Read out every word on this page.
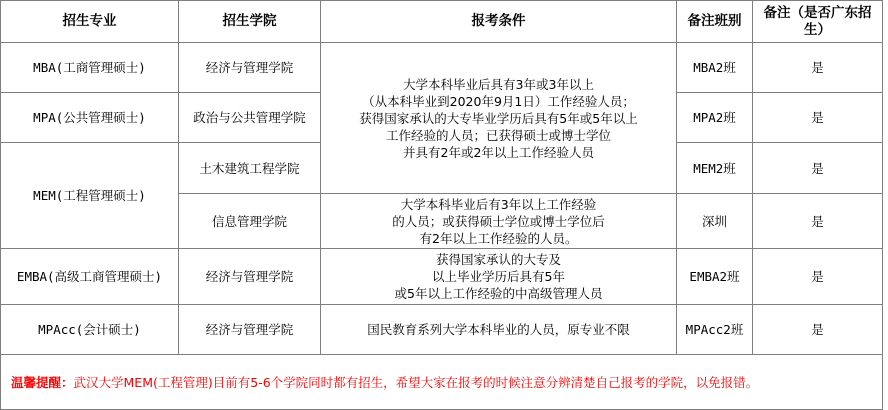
招生专业	招生学院	报考条件	备注班别	备注（是否广东招生）
MBA(工商管理硕士)	经济与管理学院	大学本科毕业后具有3年或3年以上
（从本科毕业到2020年9月1日）工作经验人员；
获得国家承认的大专毕业学历后具有5年或5年以上
工作经验的人员；已获得硕士或博士学位
并具有2年或2年以上工作经验人员	MBA2班	是
MPA(公共管理硕士)	政治与公共管理学院		MPA2班	是
MEM(工程管理硕士)	土木建筑工程学院		MEM2班	是
	信息管理学院	大学本科毕业后有3年以上工作经验
的人员；或获得硕士学位或博士学位后
有2年以上工作经验的人员。	深圳	是
EMBA(高级工商管理硕士)	经济与管理学院	获得国家承认的大专及
以上毕业学历后具有5年
或5年以上工作经验的中高级管理人员	EMBA2班	是
MPAcc(会计硕士)	经济与管理学院	国民教育系列大学本科毕业的人员，原专业不限	MPAcc2班	是
温馨提醒：武汉大学MEM(工程管理)目前有5-6个学院同时都有招生，希望大家在报考的时候注意分辨清楚自己报考的学院，以免报错。				
